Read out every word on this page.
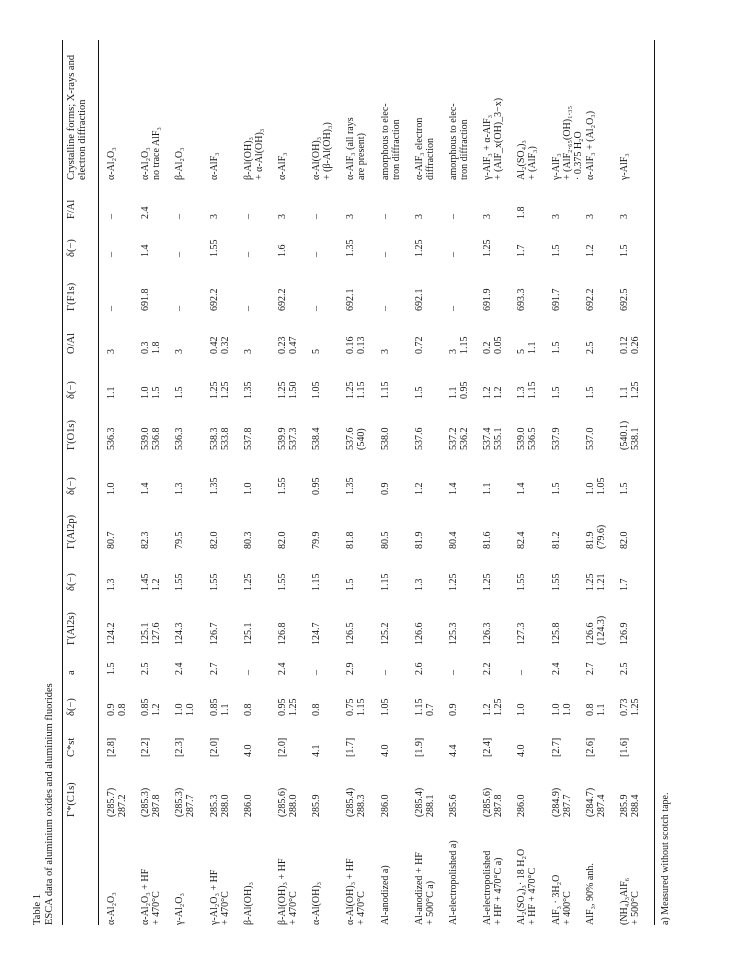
Table 1 ESCA data of aluminium oxides and aluminium fluorides Γ*(C1s)
C*st
δ(−)
a
Γ(Al2s)
δ(−)
Γ(Al2p)
δ(−)
Γ(O1s)
δ(−)
O/Al
Γ(F1s)
δ(−)
F/Al
Crystalline forms; X-rays and electron diffraction
α-Al₂O₃
(285.7)
287.2
[2.8]
0.9
0.8
1.5
124.2
1.3
80.7
1.0
536.3
1.1
3
–
–
–
α-Al₂O₃
α-Al₂O₃ + HF
+ 470°C
(285.3)
287.8
[2.2]
0.85
1.2
2.5
125.1
127.6
1.45
1.2
82.3
1.4
539.0
536.8
1.0
1.5
0.3
1.8
691.8
1.4
2.4
α-Al₂O₃
no trace AlF₃
γ-Al₂O₃
(285.3)
287.7
[2.3]
1.0
1.0
2.4
124.3
1.55
79.5
1.3
536.3
1.5
3
–
–
–
β-Al₂O₃
γ-Al₂O₃ + HF
+ 470°C
285.3
288.0
[2.0]
0.85
1.1
2.7
126.7
1.55
82.0
1.35
538.3
533.8
1.25
1.25
0.42
0.32
692.2
1.55
3
α-AlF₃
β-Al(OH)₃
286.0
4.0
0.8
–
125.1
1.25
80.3
1.0
537.8
1.35
3
–
–
–
β-Al(OH)₃
+ α-Al(OH)₃
β-Al(OH)₃ + HF
+ 470°C
(285.6)
288.0
[2.0]
0.95
1.25
2.4
126.8
1.55
82.0
1.55
539.9
537.3
1.25
1.50
0.23
0.47
692.2
1.6
3
α-AlF₃
α-Al(OH)₃
285.9
4.1
0.8
–
124.7
1.15
79.9
0.95
538.4
1.05
5
–
–
–
α-Al(OH)₃
+ (β-Al(OH)₃)
α-Al(OH)₃ + HF
+ 470°C
(285.4)
288.3
[1.7]
0.75
1.15
2.9
126.5
1.5
81.8
1.35
537.6
(540)
1.25
1.15
0.16
0.13
692.1
1.35
3
α-AlF₃ (all rays
are present)
Al-anodized a)
286.0
4.0
1.05
–
125.2
1.15
80.5
0.9
538.0
1.15
3
–
–
–
amorphous to elec-
tron diffraction
Al-anodized + HF
+ 500°C a)
(285.4)
288.1
[1.9]
1.15
0.7
2.6
126.6
1.3
81.9
1.2
537.6
1.5
0.72
692.1
1.25
3
α-AlF₃ electron
diffraction
Al-electropolished a)
285.6
4.4
0.9
–
125.3
1.25
80.4
1.4
537.2
536.2
1.1
0.95
3
1.15
–
–
–
amorphous to elec-
tron diffraction
Al-electropolished
+ HF + 470°C a)
(285.6)
287.8
[2.4]
1.2
1.25
2.2
126.3
1.25
81.6
1.1
537.4
535.1
1.2
1.2
0.2
0.05
691.9
1.25
3
γ-AlF₃ + α-AlF₃
+ (AlF_x(OH)_3−x)
Al₂(SO₄)₃· 18 H₂O
+ HF + 470°C
286.0
4.0
1.0
–
127.3
1.55
82.4
1.4
539.0
536.5
1.3
1.15
5
1.1
693.3
1.7
1.8
Al₂(SO₄)₃
+ (AlF₃)
AlF₃ · 3H₂O
+ 400°C
(284.9)
287.7
[2.7]
1.0
1.0
2.4
125.8
1.55
81.2
1.5
537.9
1.5
1.5
691.7
1.5
3
γ-AlF₃
+ (AlF₂.₆₅(OH)₁.₃₅
· 0.375 H₂O
AlF₃, 90% anh.
(284.7)
287.4
[2.6]
0.8
1.1
2.7
126.6
(124.3)
1.25
1.21
81.9
(79.6)
1.0
1.05
537.0
1.5
2.5
692.2
1.2
3
α-AlF₃ + (Al₂O₃)
(NH₄)₃AlF₆
+ 500°C
285.9
288.4
[1.6]
0.73
1.25
2.5
126.9
1.7
82.0
1.5
(540.1)
538.1
1.1
1.25
0.12
0.26
692.5
1.5
3
γ-AlF₃
a) Measured without scotch tape.
